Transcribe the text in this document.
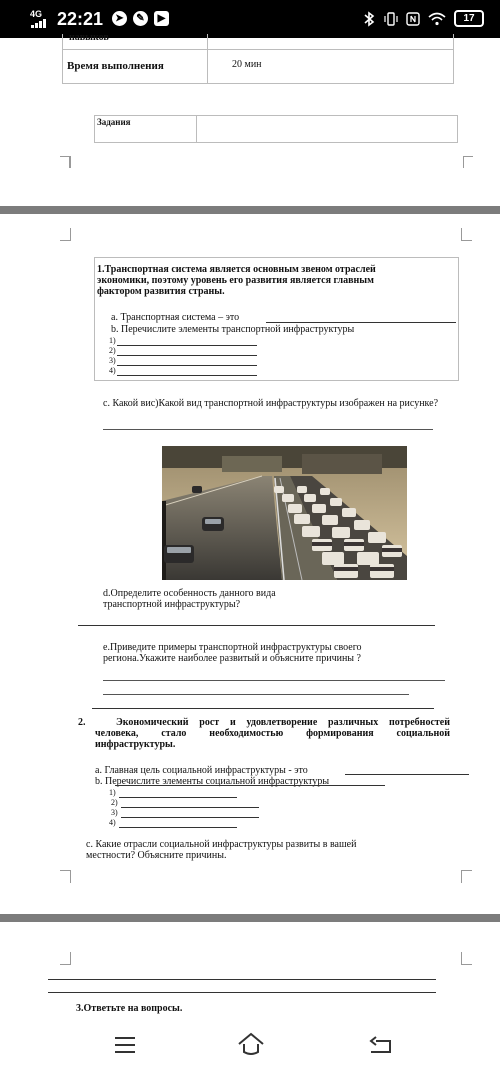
4G 22:21	➤	✎	▶	17
навыков
Время выполнения	20 мин
Задания
1.Транспортная система является основным звеном отраслей экономики, поэтому уровень его развития является главным фактором развития страны.
a. Транспортная система – это
b. Перечислите элементы транспортной инфраструктуры
1)
2)
3)
4)
c. Какой вис)Какой вид транспортной инфраструктуры изображен на рисунке?
d.Определите особенность данного вида транспортной инфраструктуры?
e.Приведите примеры транспортной инфраструктуры своего региона.Укажите наиболее развитый и объясните причины ?
2.	Экономический рост и удовлетворение различных потребностей человека, стало необходимостью формирования социальной инфраструктуры.
a. Главная цель социальной инфраструктуры - это
b. Перечислите элементы социальной инфраструктуры
1)
2)
3)
4)
c. Какие отрасли социальной инфраструктуры развиты в вашей местности? Объясните причины.
3.Ответьте на вопросы.
